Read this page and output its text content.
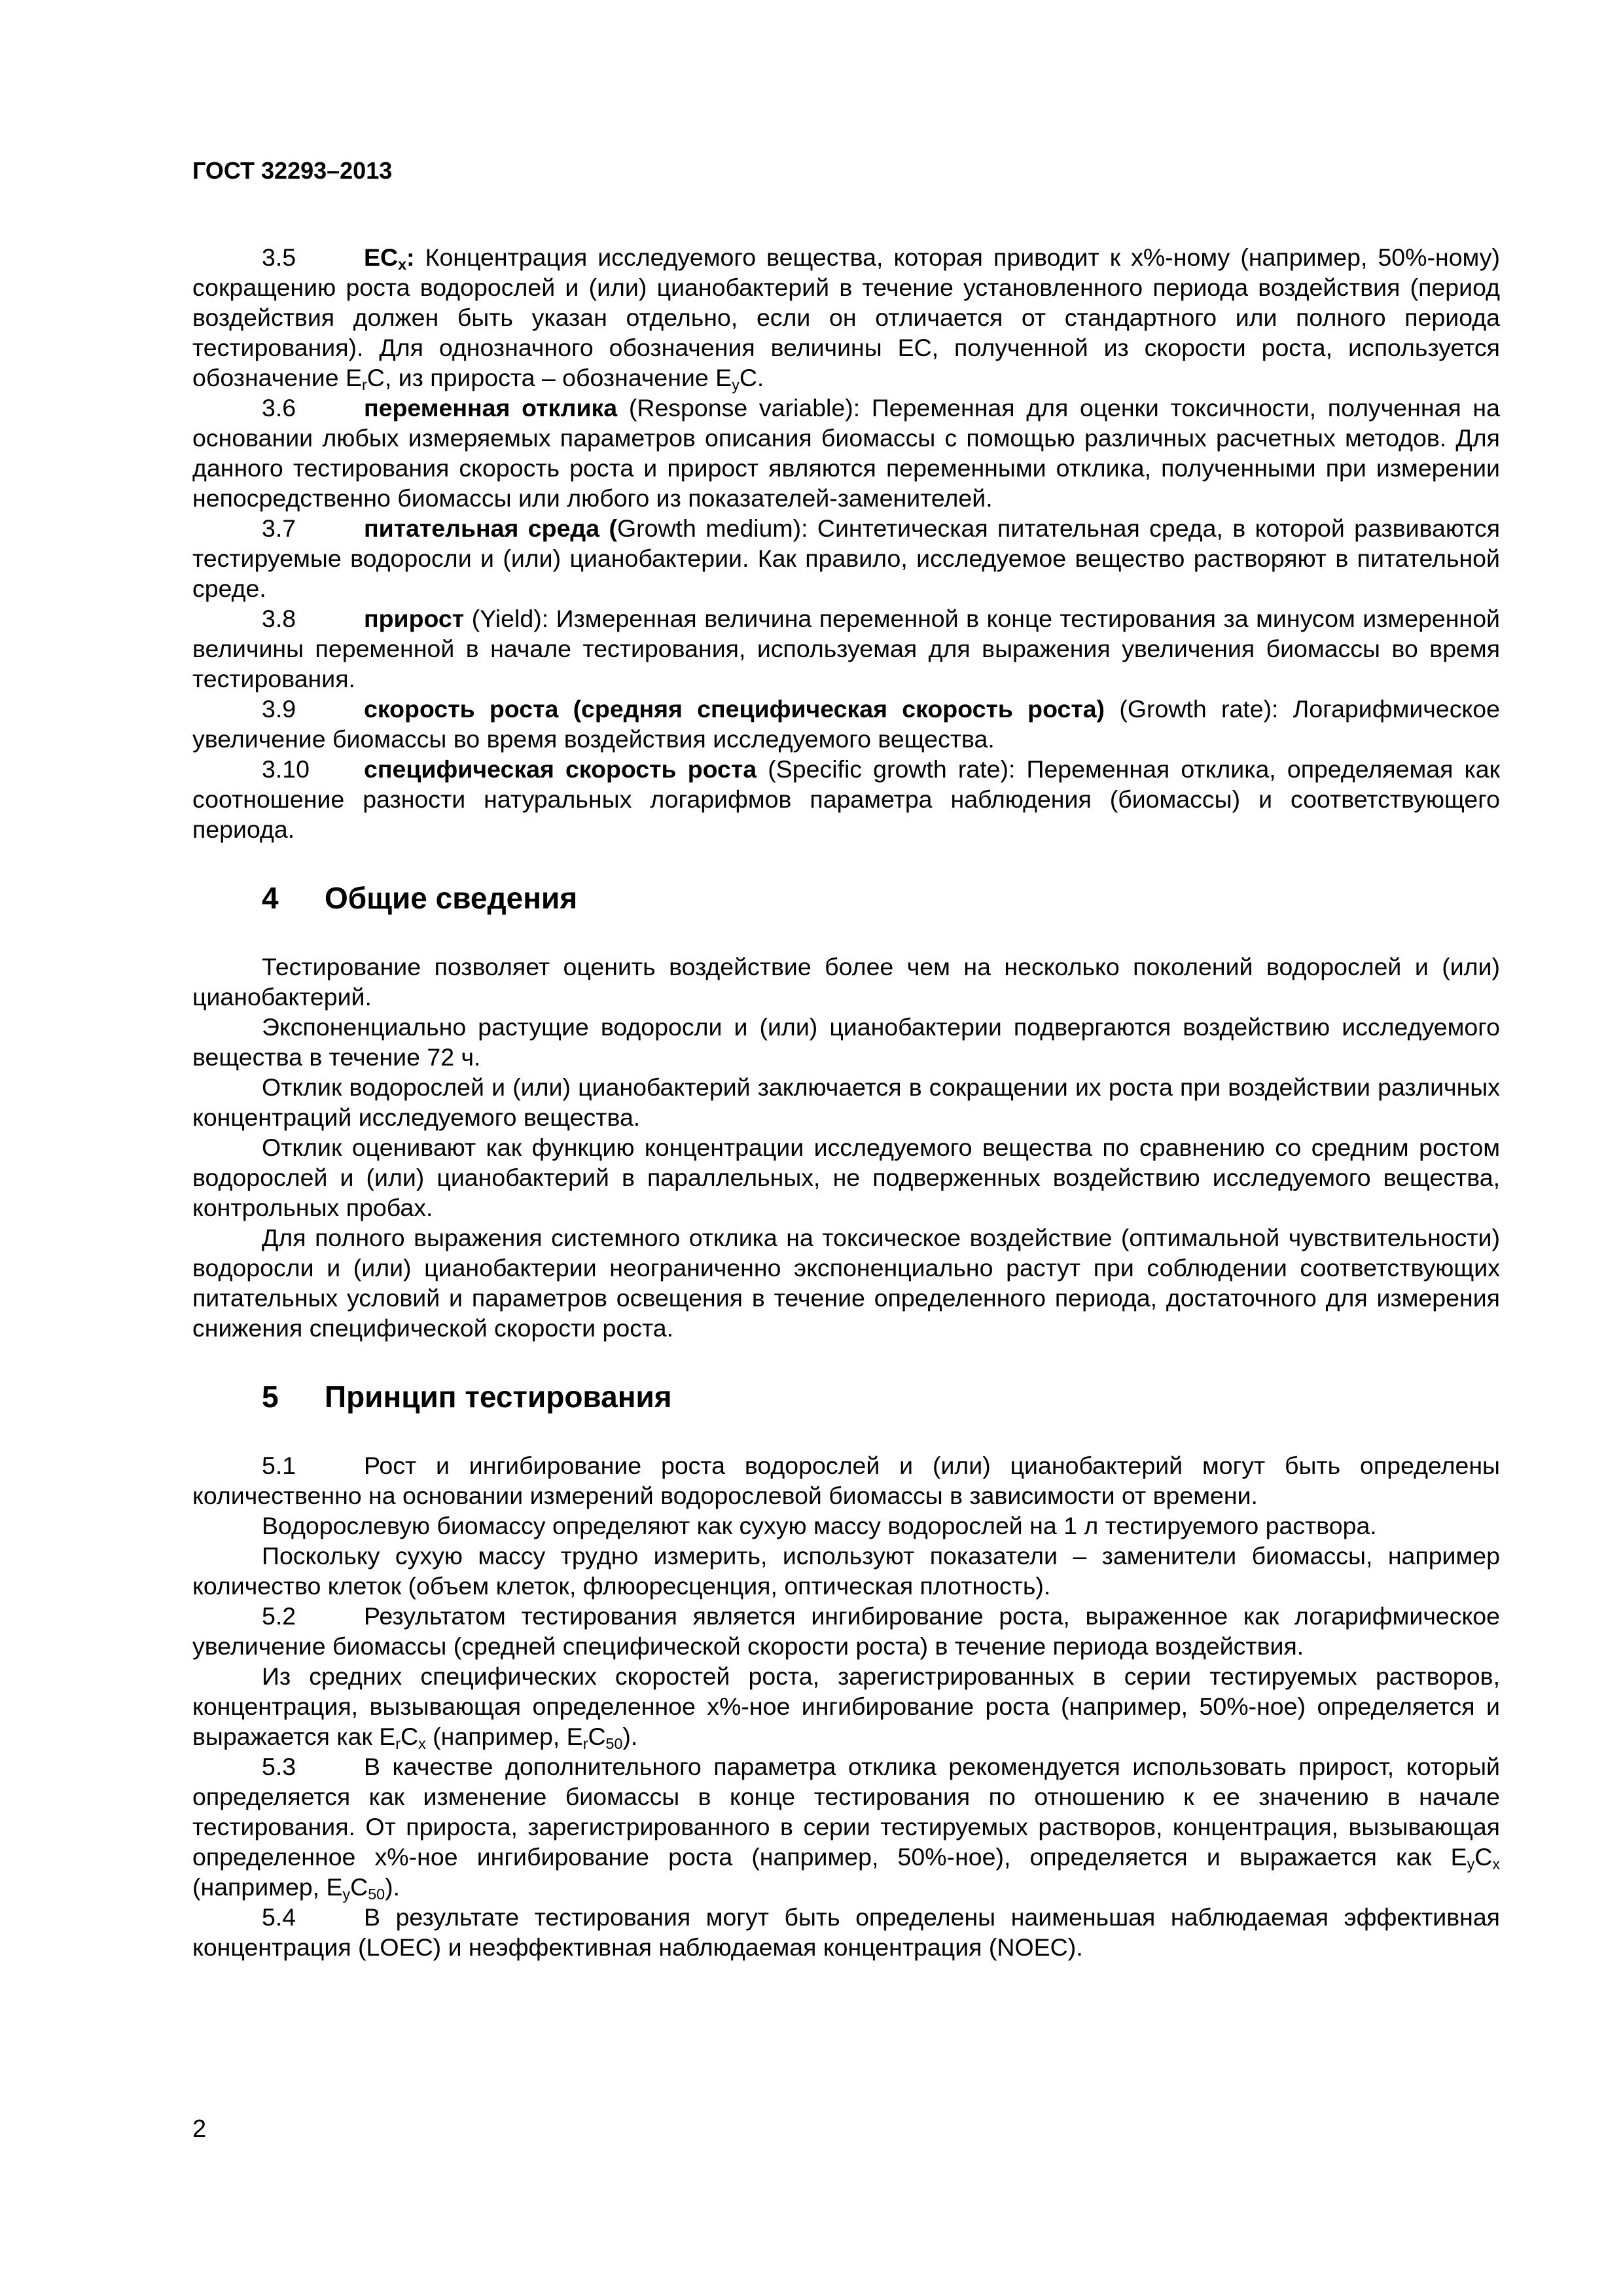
ГОСТ 32293–2013

3.5	$EC_x$: Концентрация исследуемого вещества, которая приводит к x%-ному (например, 50%-ному) сокращению роста водорослей и (или) цианобактерий в течение установленного периода воздействия (период воздействия должен быть указан отдельно, если он отличается от стандартного или полного периода тестирования). Для однозначного обозначения величины EC, полученной из скорости роста, используется обозначение $E_rC$, из прироста – обозначение $E_yC$.

3.6	переменная отклика (Response variable): Переменная для оценки токсичности, полученная на основании любых измеряемых параметров описания биомассы с помощью различных расчетных методов. Для данного тестирования скорость роста и прирост являются переменными отклика, полученными при измерении непосредственно биомассы или любого из показателей-заменителей.

3.7	питательная среда (Growth medium): Синтетическая питательная среда, в которой развиваются тестируемые водоросли и (или) цианобактерии. Как правило, исследуемое вещество растворяют в питательной среде.

3.8	прирост (Yield): Измеренная величина переменной в конце тестирования за минусом измеренной величины переменной в начале тестирования, используемая для выражения увеличения биомассы во время тестирования.

3.9	скорость роста (средняя специфическая скорость роста) (Growth rate): Логарифмическое увеличение биомассы во время воздействия исследуемого вещества.

3.10 специфическая скорость роста (Specific growth rate): Переменная отклика, определяемая как соотношение разности натуральных логарифмов параметра наблюдения (биомассы) и соответствующего периода.

4 Общие сведения

Тестирование позволяет оценить воздействие более чем на несколько поколений водорослей и (или) цианобактерий.

Экспоненциально растущие водоросли и (или) цианобактерии подвергаются воздействию исследуемого вещества в течение 72 ч.

Отклик водорослей и (или) цианобактерий заключается в сокращении их роста при воздействии различных концентраций исследуемого вещества.

Отклик оценивают как функцию концентрации исследуемого вещества по сравнению со средним ростом водорослей и (или) цианобактерий в параллельных, не подверженных воздействию исследуемого вещества, контрольных пробах.

Для полного выражения системного отклика на токсическое воздействие (оптимальной чувствительности) водоросли и (или) цианобактерии неограниченно экспоненциально растут при соблюдении соответствующих питательных условий и параметров освещения в течение определенного периода, достаточного для измерения снижения специфической скорости роста.

5 Принцип тестирования

5.1	Рост и ингибирование роста водорослей и (или) цианобактерий могут быть определены количественно на основании измерений водорослевой биомассы в зависимости от времени.

Водорослевую биомассу определяют как сухую массу водорослей на 1 л тестируемого раствора.

Поскольку сухую массу трудно измерить, используют показатели – заменители биомассы, например количество клеток (объем клеток, флюоресценция, оптическая плотность).

5.2	Результатом тестирования является ингибирование роста, выраженное как логарифмическое увеличение биомассы (средней специфической скорости роста) в течение периода воздействия.

Из средних специфических скоростей роста, зарегистрированных в серии тестируемых растворов, концентрация, вызывающая определенное x%-ное ингибирование роста (например, 50%-ное) определяется и выражается как $E_rC_x$ (например, $E_rC_{50}$).

5.3	В качестве дополнительного параметра отклика рекомендуется использовать прирост, который определяется как изменение биомассы в конце тестирования по отношению к ее значению в начале тестирования. От прироста, зарегистрированного в серии тестируемых растворов, концентрация, вызывающая определенное x%-ное ингибирование роста (например, 50%-ное), определяется и выражается как $E_yC_x$ (например, $E_yC_{50}$).

5.4	В результате тестирования могут быть определены наименьшая наблюдаемая эффективная концентрация (LOEC) и неэффективная наблюдаемая концентрация (NOEC).

2
